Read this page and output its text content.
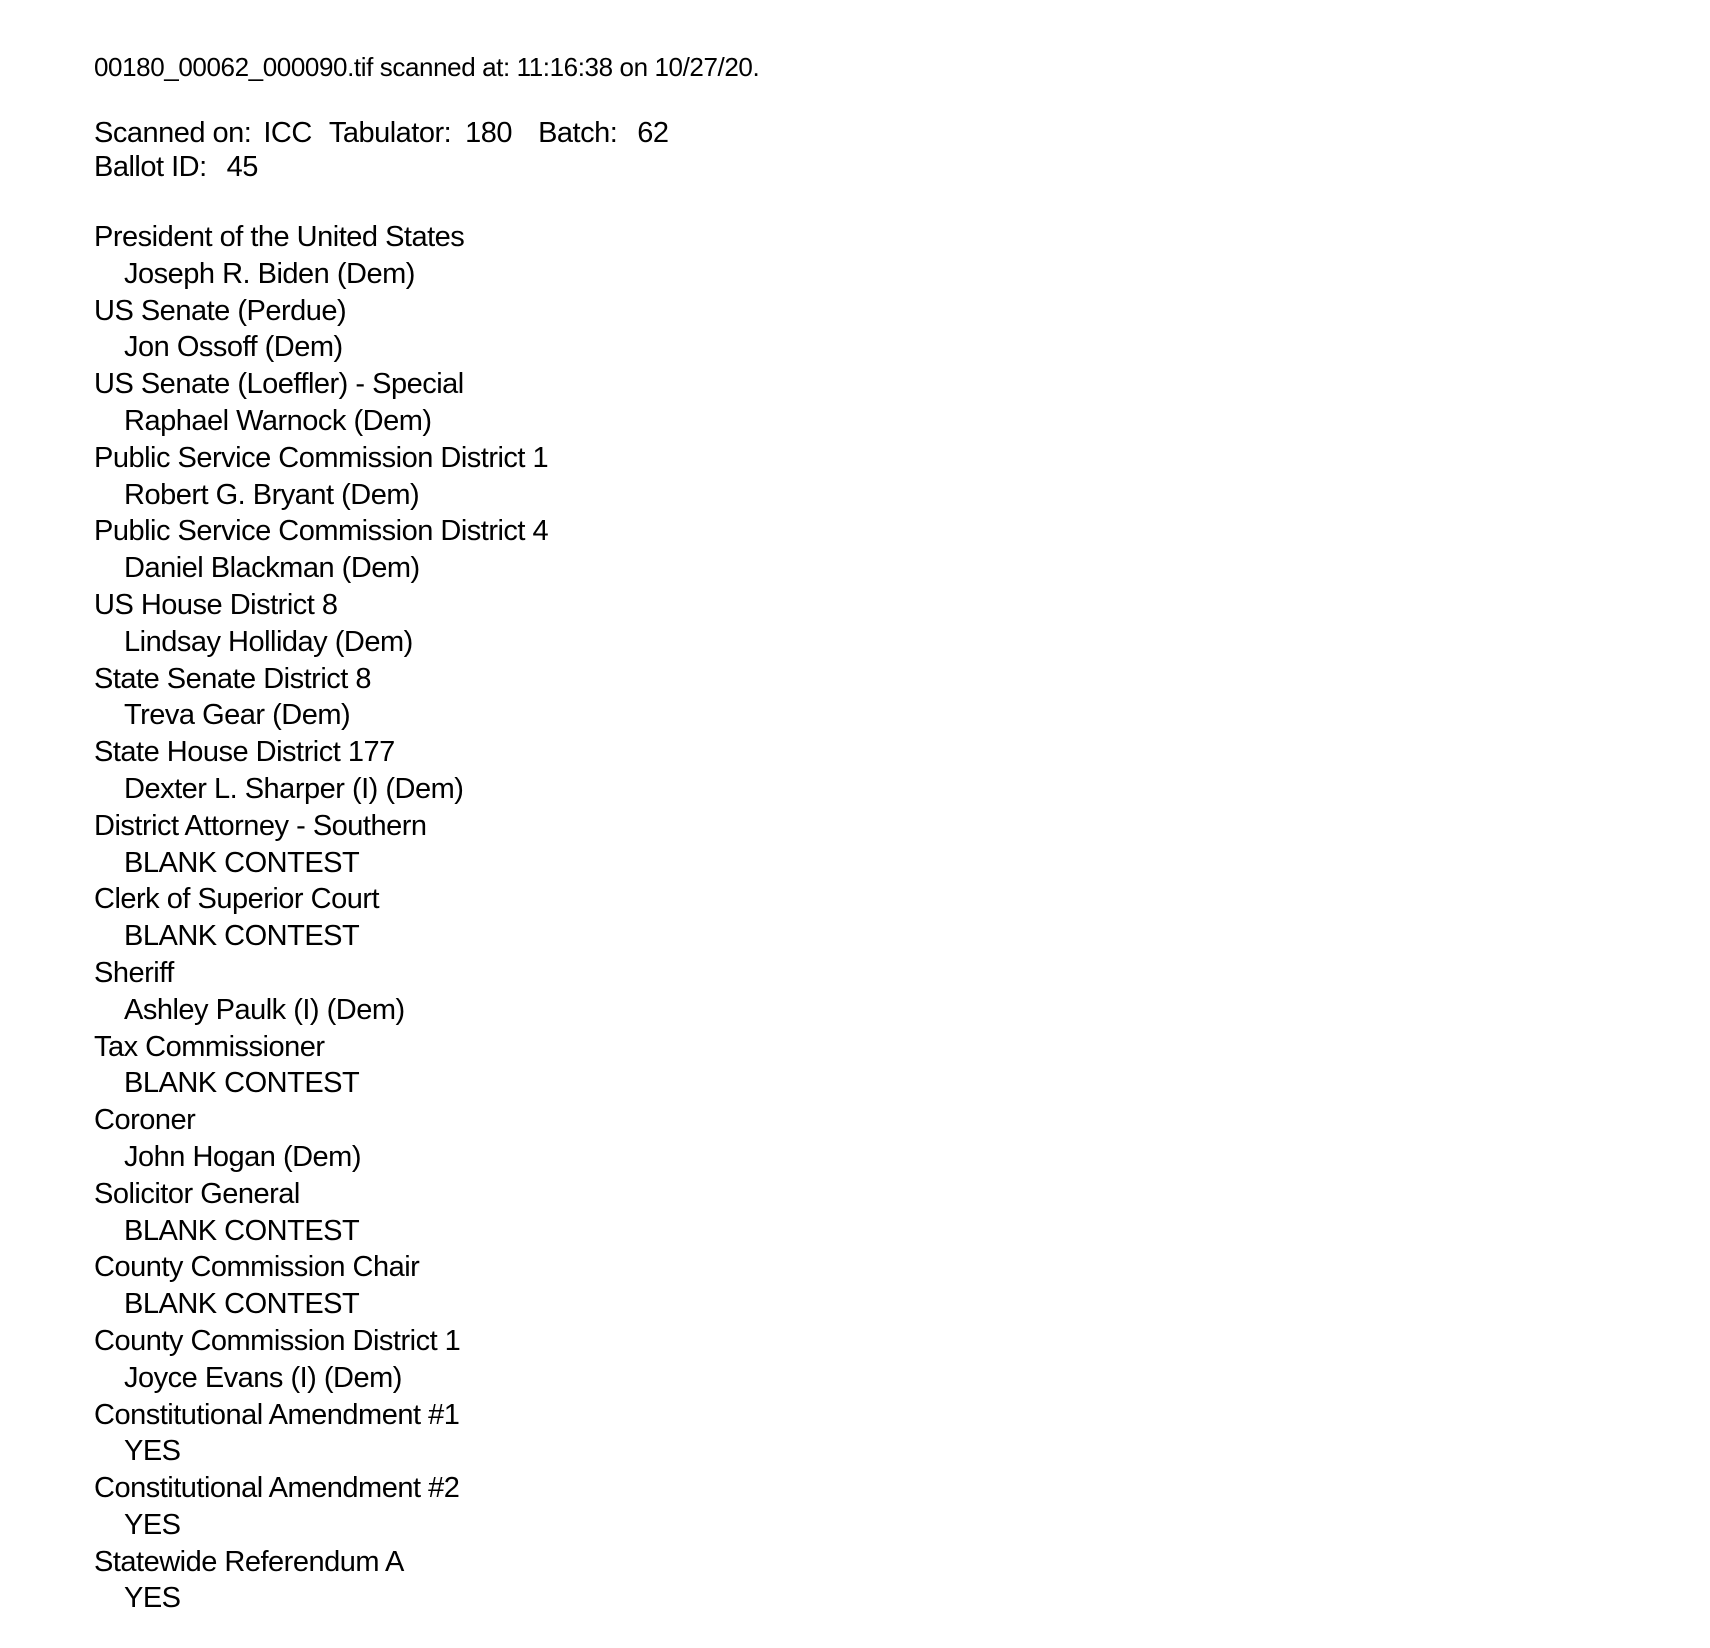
00180_00062_000090.tif scanned at: 11:16:38 on 10/27/20.
Scanned on: ICC Tabulator: 180 Batch: 62
Ballot ID: 45
President of the United States
Joseph R. Biden (Dem)
US Senate (Perdue)
Jon Ossoff (Dem)
US Senate (Loeffler) - Special
Raphael Warnock (Dem)
Public Service Commission District 1
Robert G. Bryant (Dem)
Public Service Commission District 4
Daniel Blackman (Dem)
US House District 8
Lindsay Holliday (Dem)
State Senate District 8
Treva Gear (Dem)
State House District 177
Dexter L. Sharper (I) (Dem)
District Attorney - Southern
BLANK CONTEST
Clerk of Superior Court
BLANK CONTEST
Sheriff
Ashley Paulk (I) (Dem)
Tax Commissioner
BLANK CONTEST
Coroner
John Hogan (Dem)
Solicitor General
BLANK CONTEST
County Commission Chair
BLANK CONTEST
County Commission District 1
Joyce Evans (I) (Dem)
Constitutional Amendment #1
YES
Constitutional Amendment #2
YES
Statewide Referendum A
YES
